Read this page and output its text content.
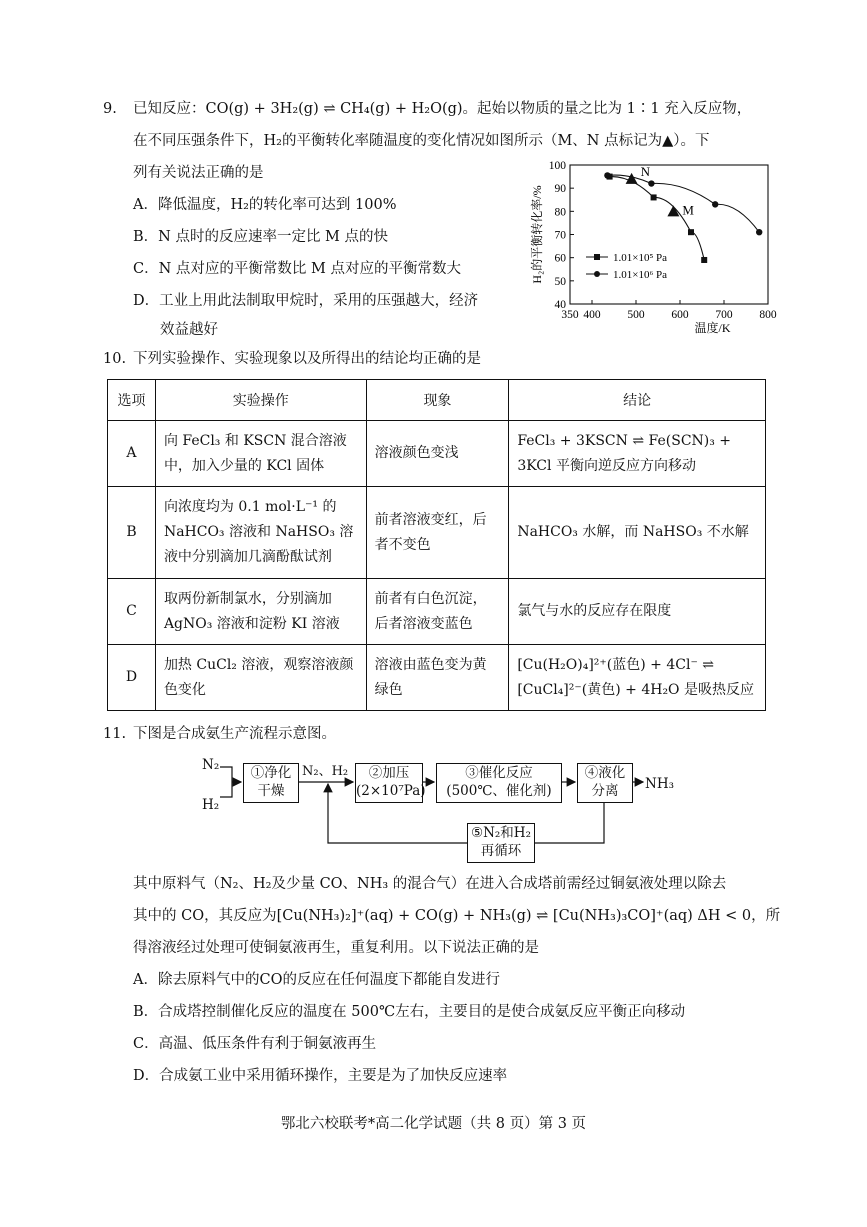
9. 已知反应：CO(g) + 3H₂(g) ⇌ CH₄(g) + H₂O(g)。起始以物质的量之比为 1∶1 充入反应物，
在不同压强条件下，H₂的平衡转化率随温度的变化情况如图所示（M、N 点标记为▲）。下
列有关说法正确的是
A．降低温度，H₂的转化率可达到 100%
B．N 点时的反应速率一定比 M 点的快
C．N 点对应的平衡常数比 M 点对应的平衡常数大
D．工业上用此法制取甲烷时，采用的压强越大，经济
效益越好
350 400 500 600 700 800
40
50
60
70
80
90
100
温度/K
H₂的平衡转化率/%
N
M
1.01×10⁵ Pa
1.01×10⁶ Pa
10. 下列实验操作、实验现象以及所得出的结论均正确的是
选项	实验操作	现象	结论
A	向 FeCl₃ 和 KSCN 混合溶液中，加入少量的 KCl 固体	溶液颜色变浅	FeCl₃ + 3KSCN ⇌ Fe(SCN)₃ + 3KCl 平衡向逆反应方向移动
B	向浓度均为 0.1 mol·L⁻¹ 的 NaHCO₃ 溶液和 NaHSO₃ 溶液中分别滴加几滴酚酞试剂	前者溶液变红，后者不变色	NaHCO₃ 水解，而 NaHSO₃ 不水解
C	取两份新制氯水，分别滴加 AgNO₃ 溶液和淀粉 KI 溶液	前者有白色沉淀，后者溶液变蓝色	氯气与水的反应存在限度
D	加热 CuCl₂ 溶液，观察溶液颜色变化	溶液由蓝色变为黄绿色	[Cu(H₂O)₄]²⁺(蓝色) + 4Cl⁻ ⇌ [CuCl₄]²⁻(黄色) + 4H₂O 是吸热反应
11. 下图是合成氨生产流程示意图。
N₂
H₂
N₂、H₂
NH₃
①净化
干燥
②加压
(2×10⁷Pa)
③催化反应
(500℃、催化剂)
④液化
分离
⑤N₂和H₂
再循环
其中原料气（N₂、H₂及少量 CO、NH₃ 的混合气）在进入合成塔前需经过铜氨液处理以除去
其中的 CO，其反应为[Cu(NH₃)₂]⁺(aq) + CO(g) + NH₃(g) ⇌ [Cu(NH₃)₃CO]⁺(aq) ΔH < 0，所
得溶液经过处理可使铜氨液再生，重复利用。以下说法正确的是
A．除去原料气中的CO的反应在任何温度下都能自发进行
B．合成塔控制催化反应的温度在 500℃左右，主要目的是使合成氨反应平衡正向移动
C．高温、低压条件有利于铜氨液再生
D．合成氨工业中采用循环操作，主要是为了加快反应速率
鄂北六校联考*高二化学试题（共 8 页）第 3 页
